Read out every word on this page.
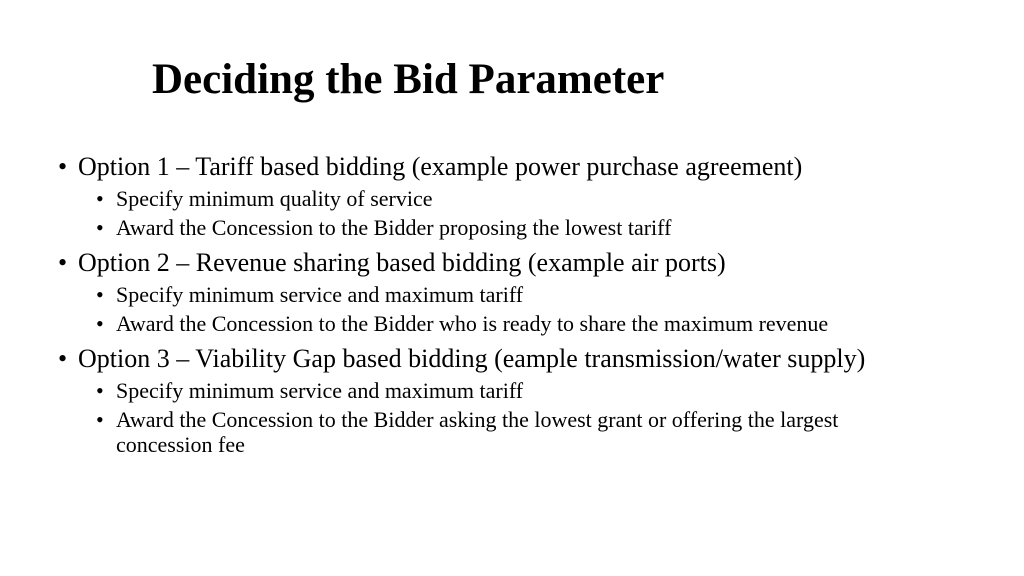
Deciding the Bid Parameter
• Option 1 – Tariff based bidding (example power purchase agreement)
• Specify minimum quality of service
• Award the Concession to the Bidder proposing the lowest tariff
• Option 2 – Revenue sharing based bidding (example air ports)
• Specify minimum service and maximum tariff
• Award the Concession to the Bidder who is ready to share the maximum revenue
• Option 3 – Viability Gap based bidding (eample transmission/water supply)
• Specify minimum service and maximum tariff
• Award the Concession to the Bidder asking the lowest grant or offering the largest concession fee
